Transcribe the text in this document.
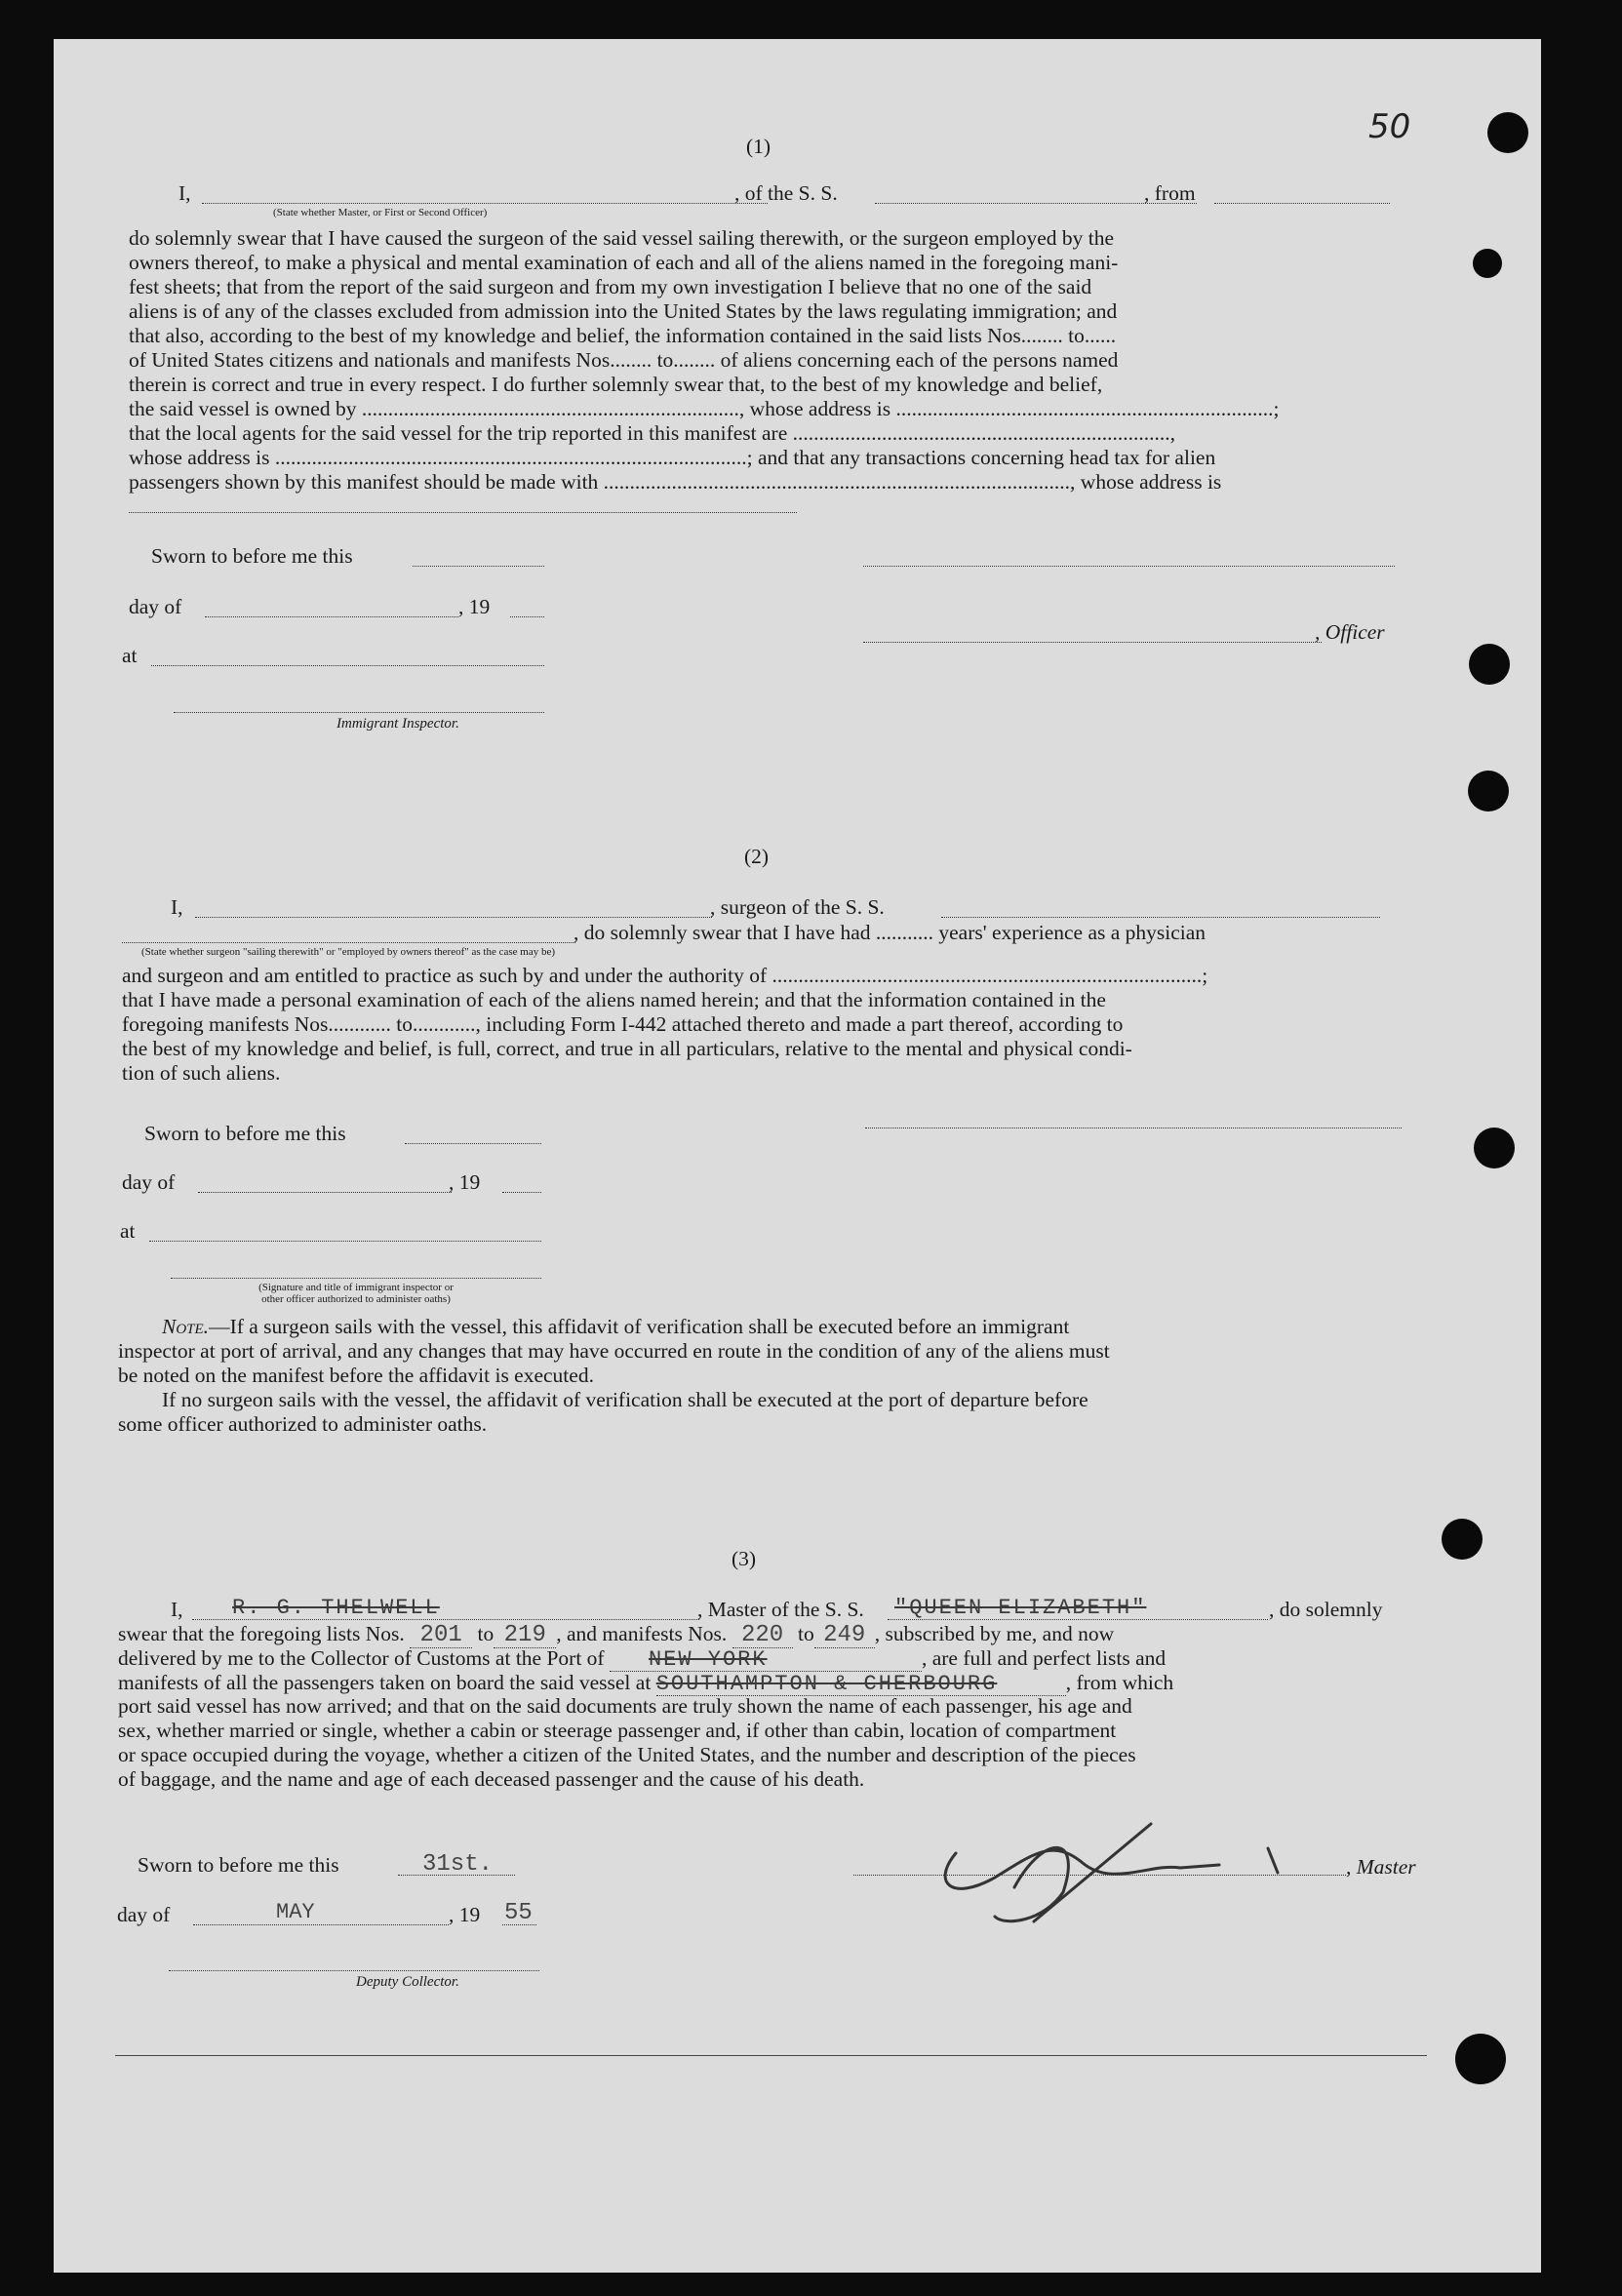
50
(1)
I,
(State whether Master, or First or Second Officer)
, of the S. S.	, from
do solemnly swear that I have caused the surgeon of the said vessel sailing therewith, or the surgeon employed by the
owners thereof, to make a physical and mental examination of each and all of the aliens named in the foregoing mani-
fest sheets; that from the report of the said surgeon and from my own investigation I believe that no one of the said
aliens is of any of the classes excluded from admission into the United States by the laws regulating immigration; and
that also, according to the best of my knowledge and belief, the information contained in the said lists Nos........ to......
of United States citizens and nationals and manifests Nos........ to........ of aliens concerning each of the persons named
therein is correct and true in every respect. I do further solemnly swear that, to the best of my knowledge and belief,
the said vessel is owned by ........................................................................, whose address is ........................................................................;
that the local agents for the said vessel for the trip reported in this manifest are ........................................................................,
whose address is ..........................................................................................; and that any transactions concerning head tax for alien
passengers shown by this manifest should be made with ........................................................................................., whose address is
Sworn to before me this
day of	, 19
, Officer
at
Immigrant Inspector.
(2)
I,	, surgeon of the S. S.
, do solemnly swear that I have had ........... years' experience as a physician
(State whether surgeon "sailing therewith" or "employed by owners thereof" as the case may be)
and surgeon and am entitled to practice as such by and under the authority of ..................................................................................;
that I have made a personal examination of each of the aliens named herein; and that the information contained in the
foregoing manifests Nos............ to............, including Form I-442 attached thereto and made a part thereof, according to
the best of my knowledge and belief, is full, correct, and true in all particulars, relative to the mental and physical condi-
tion of such aliens.
Sworn to before me this
day of	, 19
at
(Signature and title of immigrant inspector or
other officer authorized to administer oaths)
Note.—If a surgeon sails with the vessel, this affidavit of verification shall be executed before an immigrant
inspector at port of arrival, and any changes that may have occurred en route in the condition of any of the aliens must
be noted on the manifest before the affidavit is executed.
If no surgeon sails with the vessel, the affidavit of verification shall be executed at the port of departure before
some officer authorized to administer oaths.
(3)
I, R. G. THELWELL	, Master of the S. S. "QUEEN ELIZABETH"	, do solemnly
swear that the foregoing lists Nos. 201 to 219 , and manifests Nos. 220 to 249 , subscribed by me, and now
delivered by me to the Collector of Customs at the Port of NEW YORK	, are full and perfect lists and
manifests of all the passengers taken on board the said vessel at SOUTHAMPTON & CHERBOURG	, from which
port said vessel has now arrived; and that on the said documents are truly shown the name of each passenger, his age and
sex, whether married or single, whether a cabin or steerage passenger and, if other than cabin, location of compartment
or space occupied during the voyage, whether a citizen of the United States, and the number and description of the pieces
of baggage, and the name and age of each deceased passenger and the cause of his death.
Sworn to before me this	31st.	, Master
day of	MAY	, 19 55
Deputy Collector.
